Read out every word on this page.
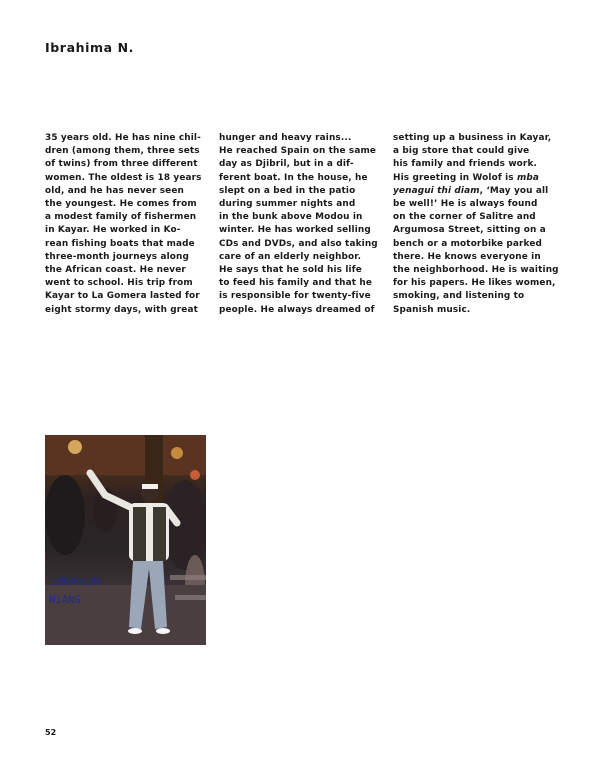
Ibrahima N.
35 years old. He has nine chil-
dren (among them, three sets
of twins) from three different
women. The oldest is 18 years
old, and he has never seen
the youngest. He comes from
a modest family of fishermen
in Kayar. He worked in Ko-
rean fishing boats that made
three-month journeys along
the African coast. He never
went to school. His trip from
Kayar to La Gomera lasted for
eight stormy days, with great
hunger and heavy rains...
He reached Spain on the same
day as Djibril, but in a dif-
ferent boat. In the house, he
slept on a bed in the patio
during summer nights and
in the bunk above Modou in
winter. He has worked selling
CDs and DVDs, and also taking
care of an elderly neighbor.
He says that he sold his life
to feed his family and that he
is responsible for twenty-five
people. He always dreamed of
setting up a business in Kayar,
a big store that could give
his family and friends work.
His greeting in Wolof is mba
yenagui thi diam, ‘May you all
be well!’ He is always found
on the corner of Salitre and
Argumosa Street, sitting on a
bench or a motorbike parked
there. He knows everyone in
the neighborhood. He is waiting
for his papers. He likes women,
smoking, and listening to
Spanish music.
iBRAHiMA
NiANG
52
